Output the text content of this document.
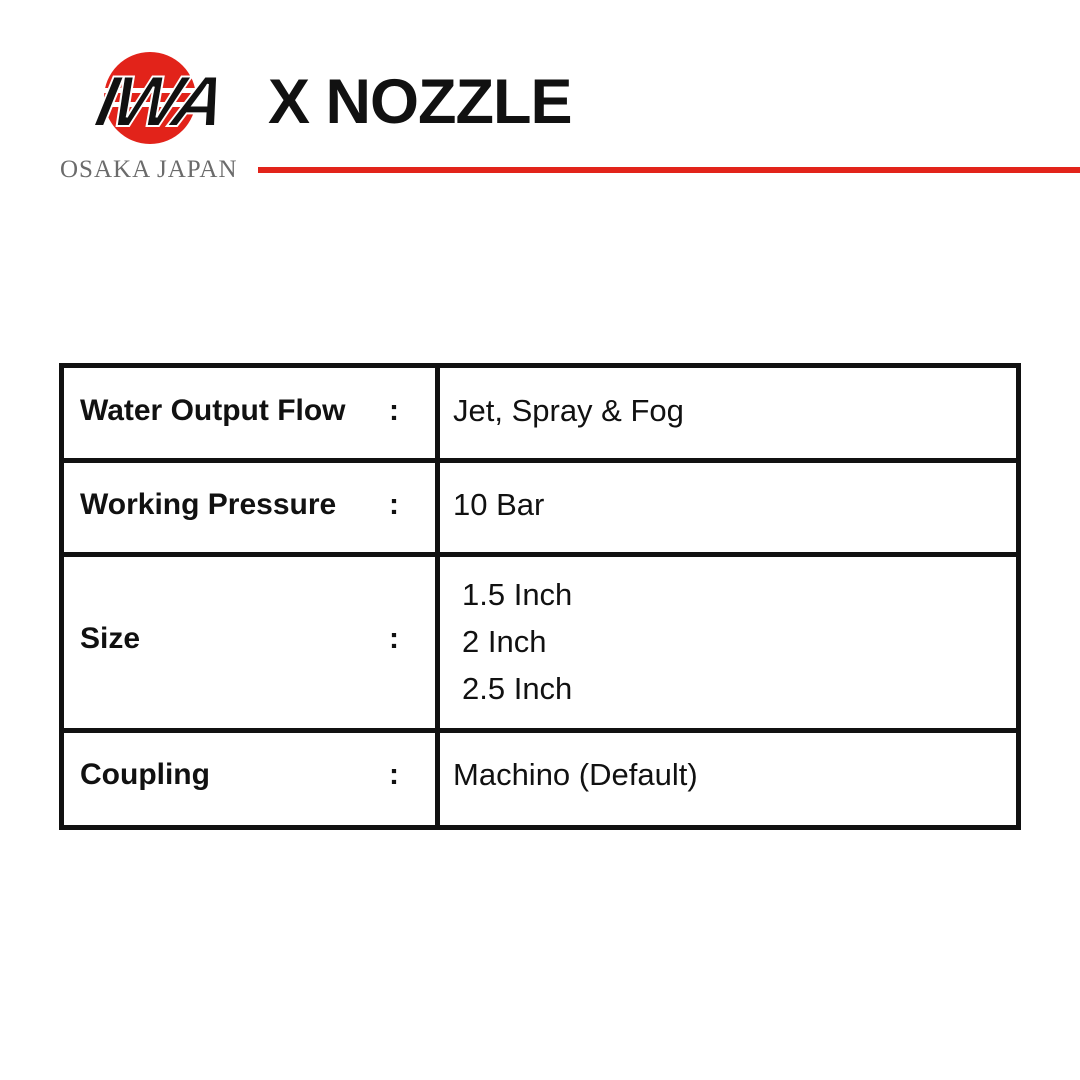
IWA
OSAKA JAPAN
X NOZZLE
Water Output Flow	: Jet, Spray & Fog
Working Pressure	: 10 Bar
Size	:
1.5 Inch
2 Inch
2.5 Inch
Coupling	: Machino (Default)
